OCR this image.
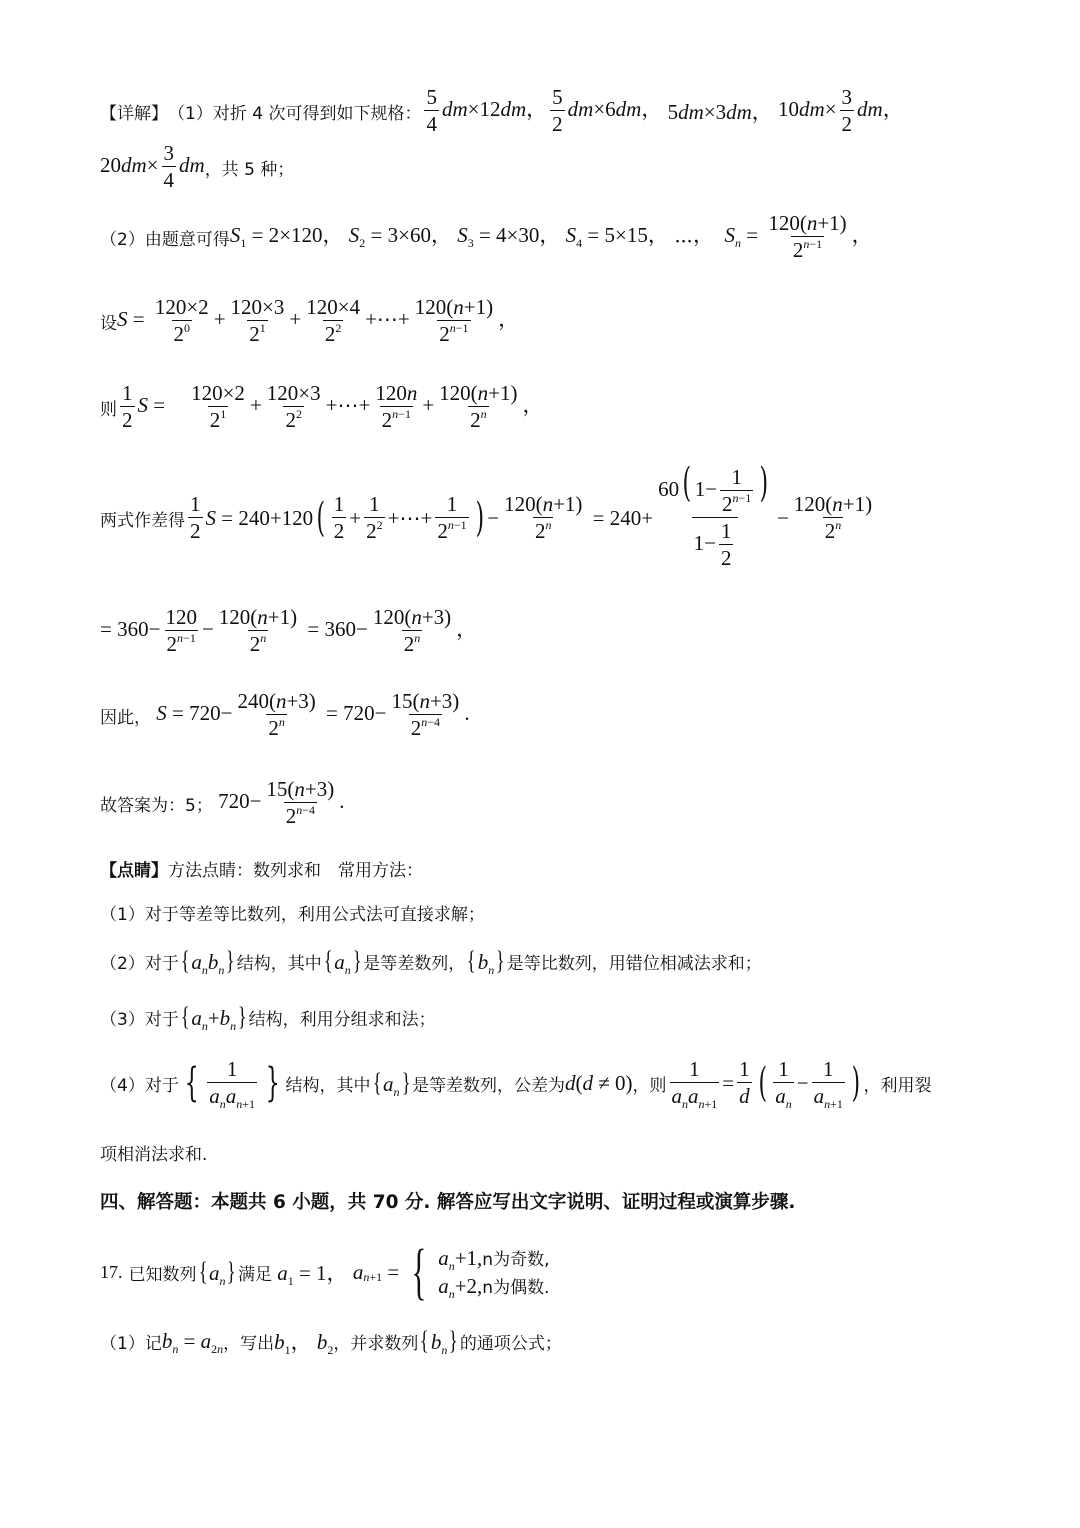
【详解】 （1）对折 4 次可得到如下规格： $\frac{5}{4} dm\times 12dm$， $\frac{5}{2} dm\times 6dm$， 5dm×3dm， $10dm\times \frac{3}{2}$ dm，
$20dm\times \frac{3}{4}$ dm ，共 5 种；
（2）由题意可得 $S_1 = 2\times 120$， $S_2 = 3\times 60$， $S_3 = 4\times 30$， $S_4 = 5\times 15$， ⋯，  $S_n = \frac{120(n+1)}{2^{n-1}}$ ，
设 $S = \frac{120\times 2}{2^0} + \frac{120\times 3}{2^1} + \frac{120\times 4}{2^2}$ +⋯+ $\frac{120(n+1)}{2^{n-1}}$ ，
则 $\frac{1}{2}$ $S = \frac{120\times 2}{2^1} + \frac{120\times 3}{2^2}$ +⋯+ $\frac{120n}{2^{n-1}} + \frac{120(n+1)}{2^n}$ ，
两式作差得
1
2
S = 240+120 ( 1
2
+
1
$2^2$ +⋯+
1
$2^{n-1}$ ) −
120(n+1)
$2^n = 240+$
60( $1- \frac{1}{2^{n-1}}$ )
$1- \frac{1}{2}$
−
120(n+1)
$2^n$
= $360- \frac{120}{2^{n-1}} - \frac{120(n+1)}{2^n} = 360- \frac{120(n+3)}{2^n}$ ，
因此， $S = 720- \frac{240(n+3)}{2^n} = 720- \frac{15(n+3)}{2^{n-4}}$ .
故答案为：5； $720- \frac{15(n+3)}{2^{n-4}}$ .
【点睛】 方法点睛：数列求和　常用方法：
（1）对于等差等比数列，利用公式法可直接求解；
（2）对于 $\{a_nb_n\}$ 结构，其中 $\{a_n\}$ 是等差数列， $\{b_n\}$ 是等比数列，用错位相减法求和；
（3）对于 $\{a_n+b_n\}$ 结构，利用分组求和法；
（4）对于 { 1
$a_na_{n+1}$ } 结构，其中 $\{a_n\}$ 是等差数列，公差为 d(d ≠ 0) ，则
1
$a_na_{n+1}$
=
1
d ( 1
$a_n$
−
1
$a_{n+1}$ ) ，利用裂
项相消法求和.
四、解答题：本题共 6 小题，共 70 分. 解答应写出文字说明、证明过程或演算步骤.
17. 已知数列 $\{a_n\}$ 满足 $a_1 = 1$， a n+1 = { $a_n+1,n$为奇数,
$a_n+2,n$为偶数.
（1）记 $b_n = a_{2n}$ ，写出 $b_1$， $b_2$ ，并求数列 $\{b_n\}$ 的通项公式；
